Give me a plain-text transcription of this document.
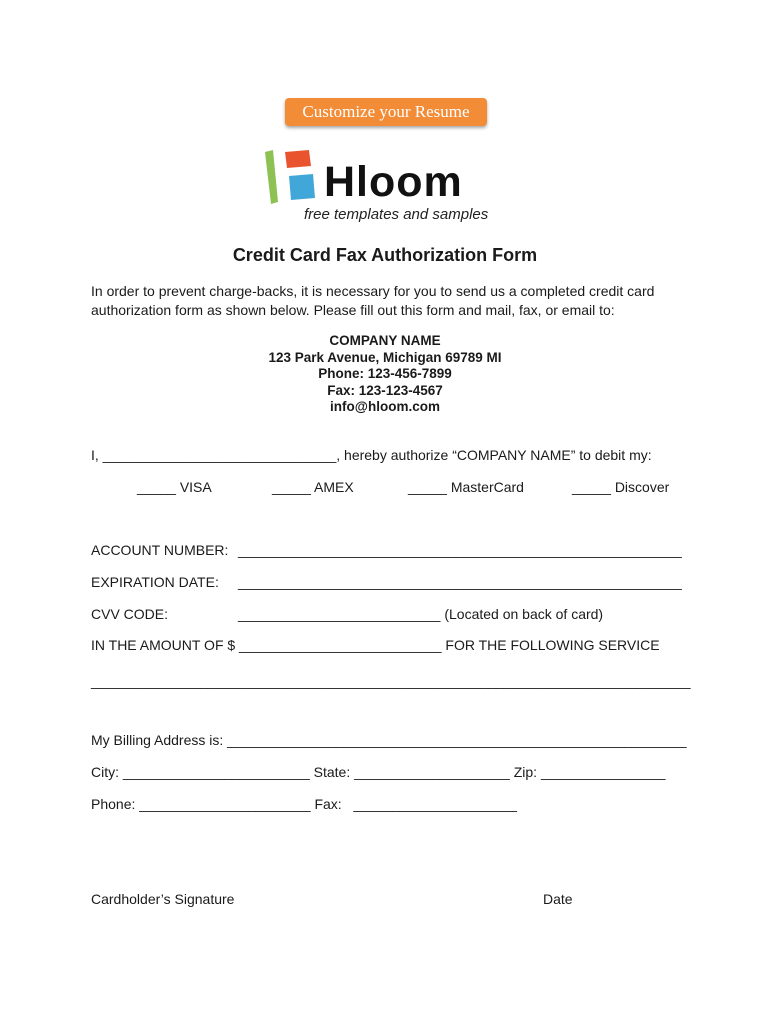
Customize your Resume
Hloom
free templates and samples
Credit Card Fax Authorization Form
In order to prevent charge-backs, it is necessary for you to send us a completed credit card authorization form as shown below. Please fill out this form and mail, fax, or email to:
COMPANY NAME
123 Park Avenue, Michigan 69789 MI
Phone: 123-456-7899
Fax: 123-123-4567
info@hloom.com
I, ______________________________, hereby authorize “COMPANY NAME” to debit my:
_____ VISA	_____ AMEX	_____ MasterCard	_____ Discover
ACCOUNT NUMBER: _________________________________________________________
EXPIRATION DATE: _________________________________________________________
CVV CODE:	__________________________ (Located on back of card)
IN THE AMOUNT OF $ __________________________ FOR THE FOLLOWING SERVICE
_____________________________________________________________________________
My Billing Address is: ___________________________________________________________
City: ________________________ State: ____________________ Zip: ________________
Phone: ______________________ Fax:   _____________________
Cardholder’s Signature	Date
